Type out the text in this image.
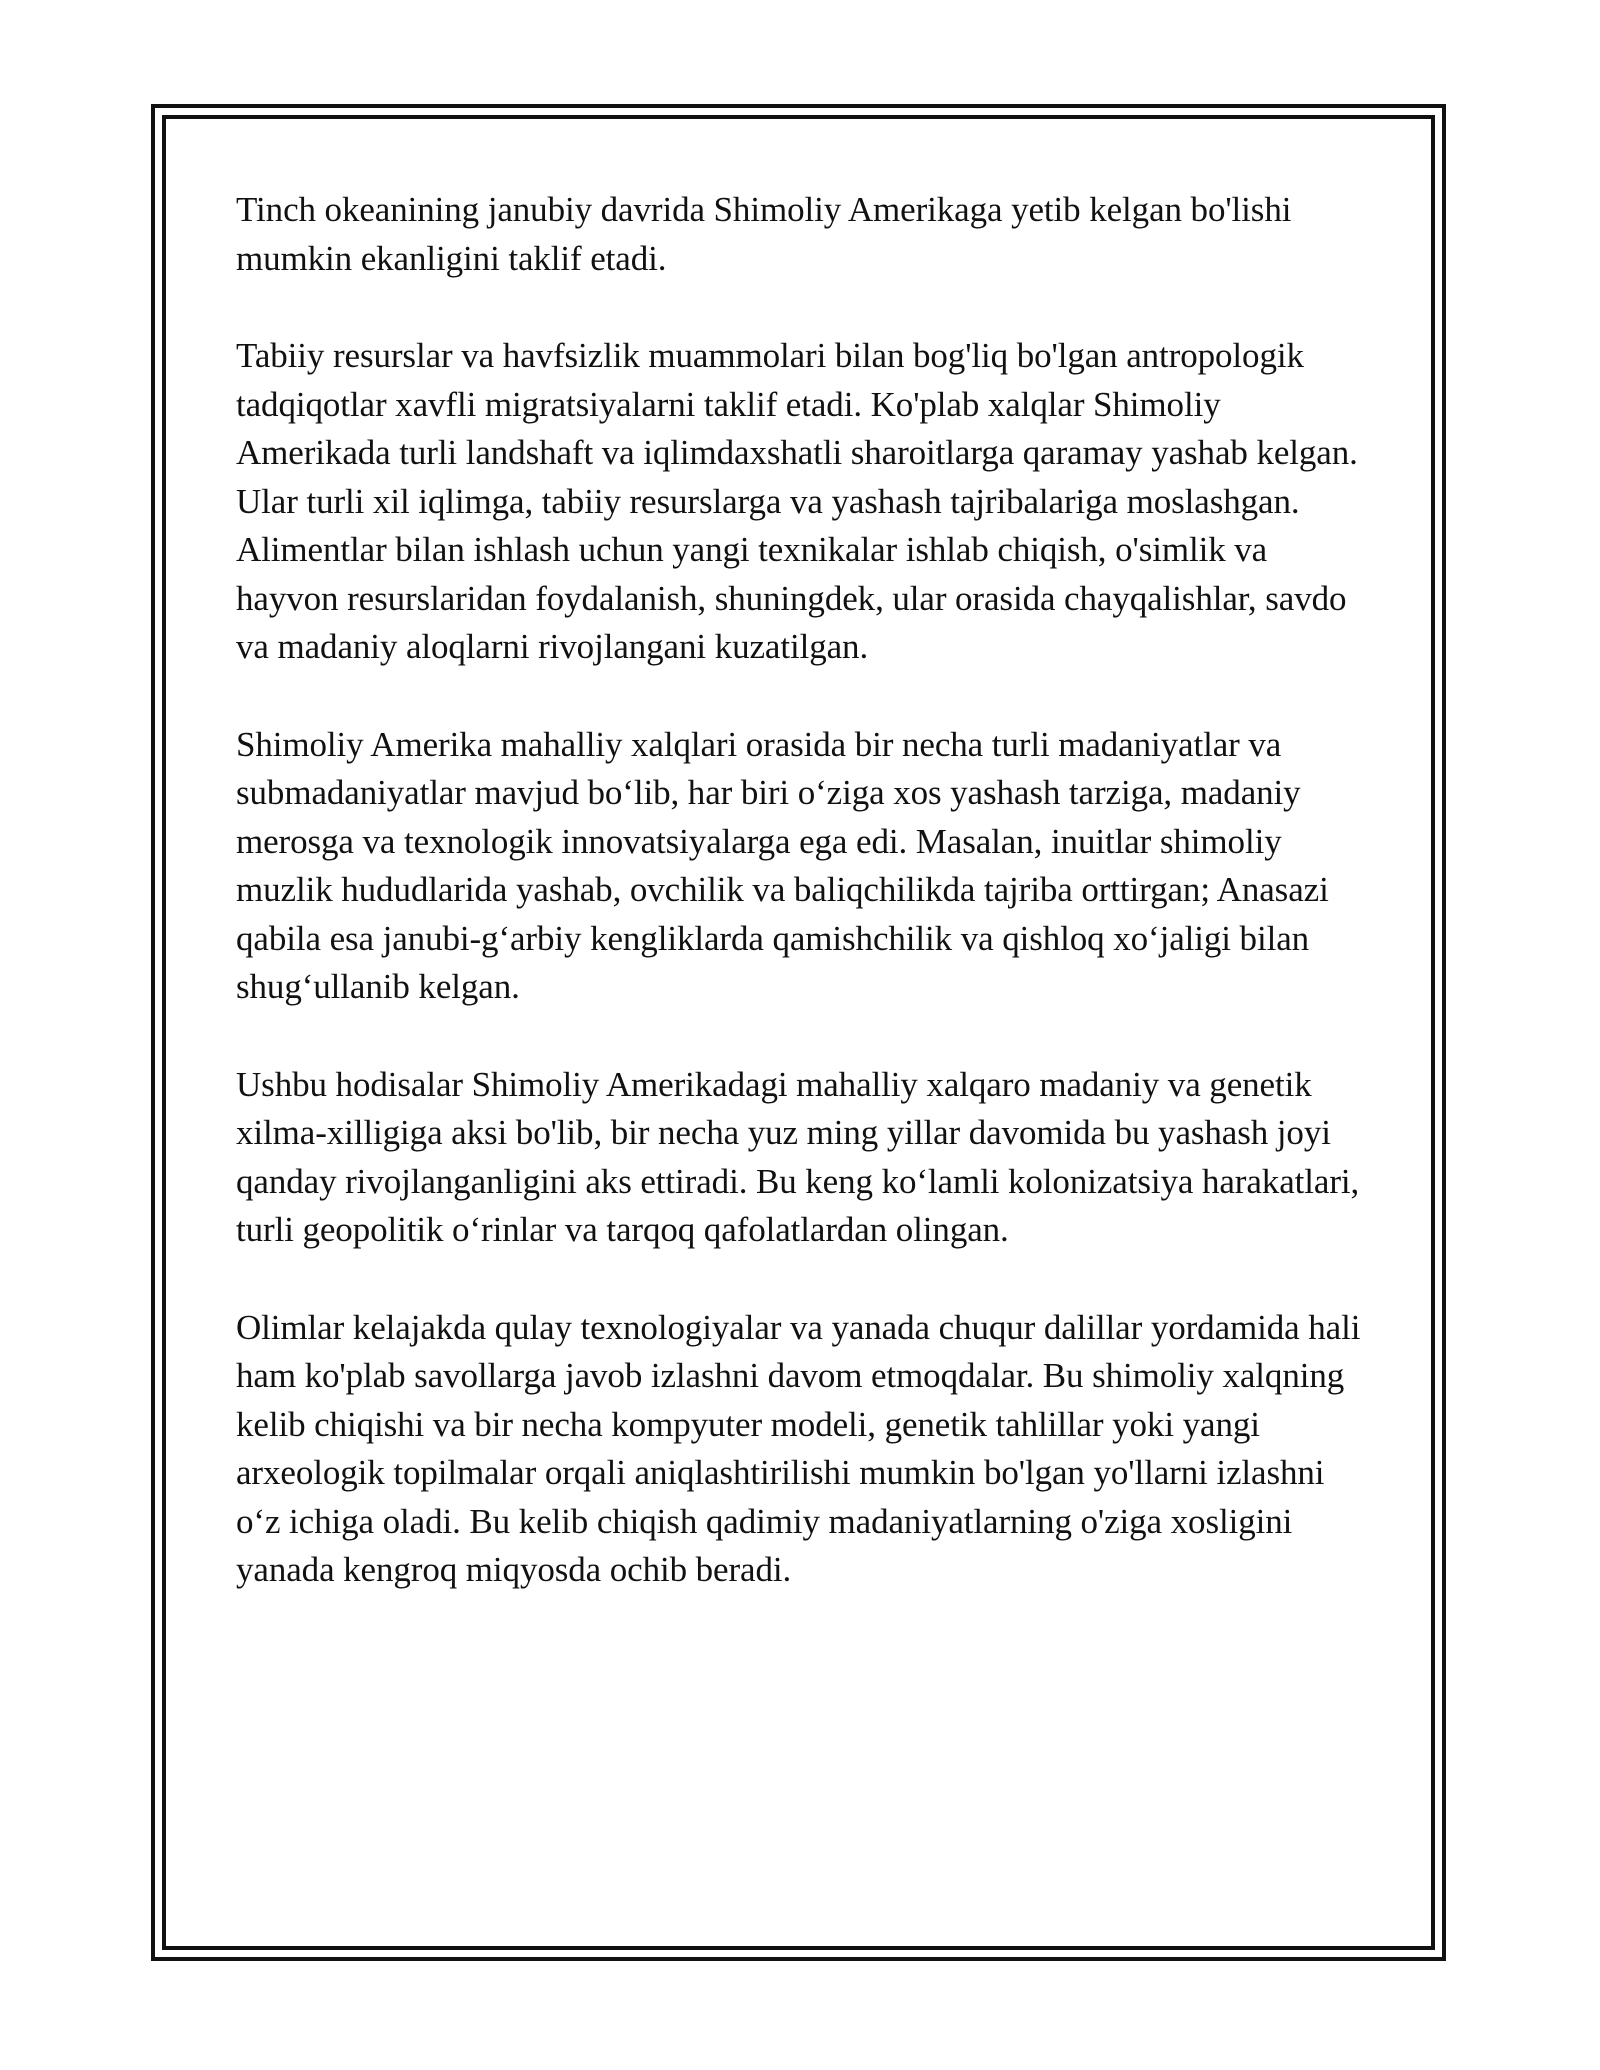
Tinch okeanining janubiy davrida Shimoliy Amerikaga yetib kelgan bo'lishi mumkin ekanligini taklif etadi.

Tabiiy resurslar va havfsizlik muammolari bilan bog'liq bo'lgan antropologik tadqiqotlar xavfli migratsiyalarni taklif etadi. Ko'plab xalqlar Shimoliy Amerikada turli landshaft va iqlimdaxshatli sharoitlarga qaramay yashab kelgan. Ular turli xil iqlimga, tabiiy resurslarga va yashash tajribalariga moslashgan. Alimentlar bilan ishlash uchun yangi texnikalar ishlab chiqish, o'simlik va hayvon resurslaridan foydalanish, shuningdek, ular orasida chayqalishlar, savdo va madaniy aloqlarni rivojlangani kuzatilgan.

Shimoliy Amerika mahalliy xalqlari orasida bir necha turli madaniyatlar va submadaniyatlar mavjud boʻlib, har biri oʻziga xos yashash tarziga, madaniy merosga va texnologik innovatsiyalarga ega edi. Masalan, inuitlar shimoliy muzlik hududlarida yashab, ovchilik va baliqchilikda tajriba orttirgan; Anasazi qabila esa janubi-gʻarbiy kengliklarda qamishchilik va qishloq xoʻjaligi bilan shugʻullanib kelgan.

Ushbu hodisalar Shimoliy Amerikadagi mahalliy xalqaro madaniy va genetik xilma-xilligiga aksi bo'lib, bir necha yuz ming yillar davomida bu yashash joyi qanday rivojlanganligini aks ettiradi. Bu keng koʻlamli kolonizatsiya harakatlari, turli geopolitik oʻrinlar va tarqoq qafolatlardan olingan.

Olimlar kelajakda qulay texnologiyalar va yanada chuqur dalillar yordamida hali ham ko'plab savollarga javob izlashni davom etmoqdalar. Bu shimoliy xalqning kelib chiqishi va bir necha kompyuter modeli, genetik tahlillar yoki yangi arxeologik topilmalar orqali aniqlashtirilishi mumkin bo'lgan yo'llarni izlashni oʻz ichiga oladi. Bu kelib chiqish qadimiy madaniyatlarning o'ziga xosligini yanada kengroq miqyosda ochib beradi.
